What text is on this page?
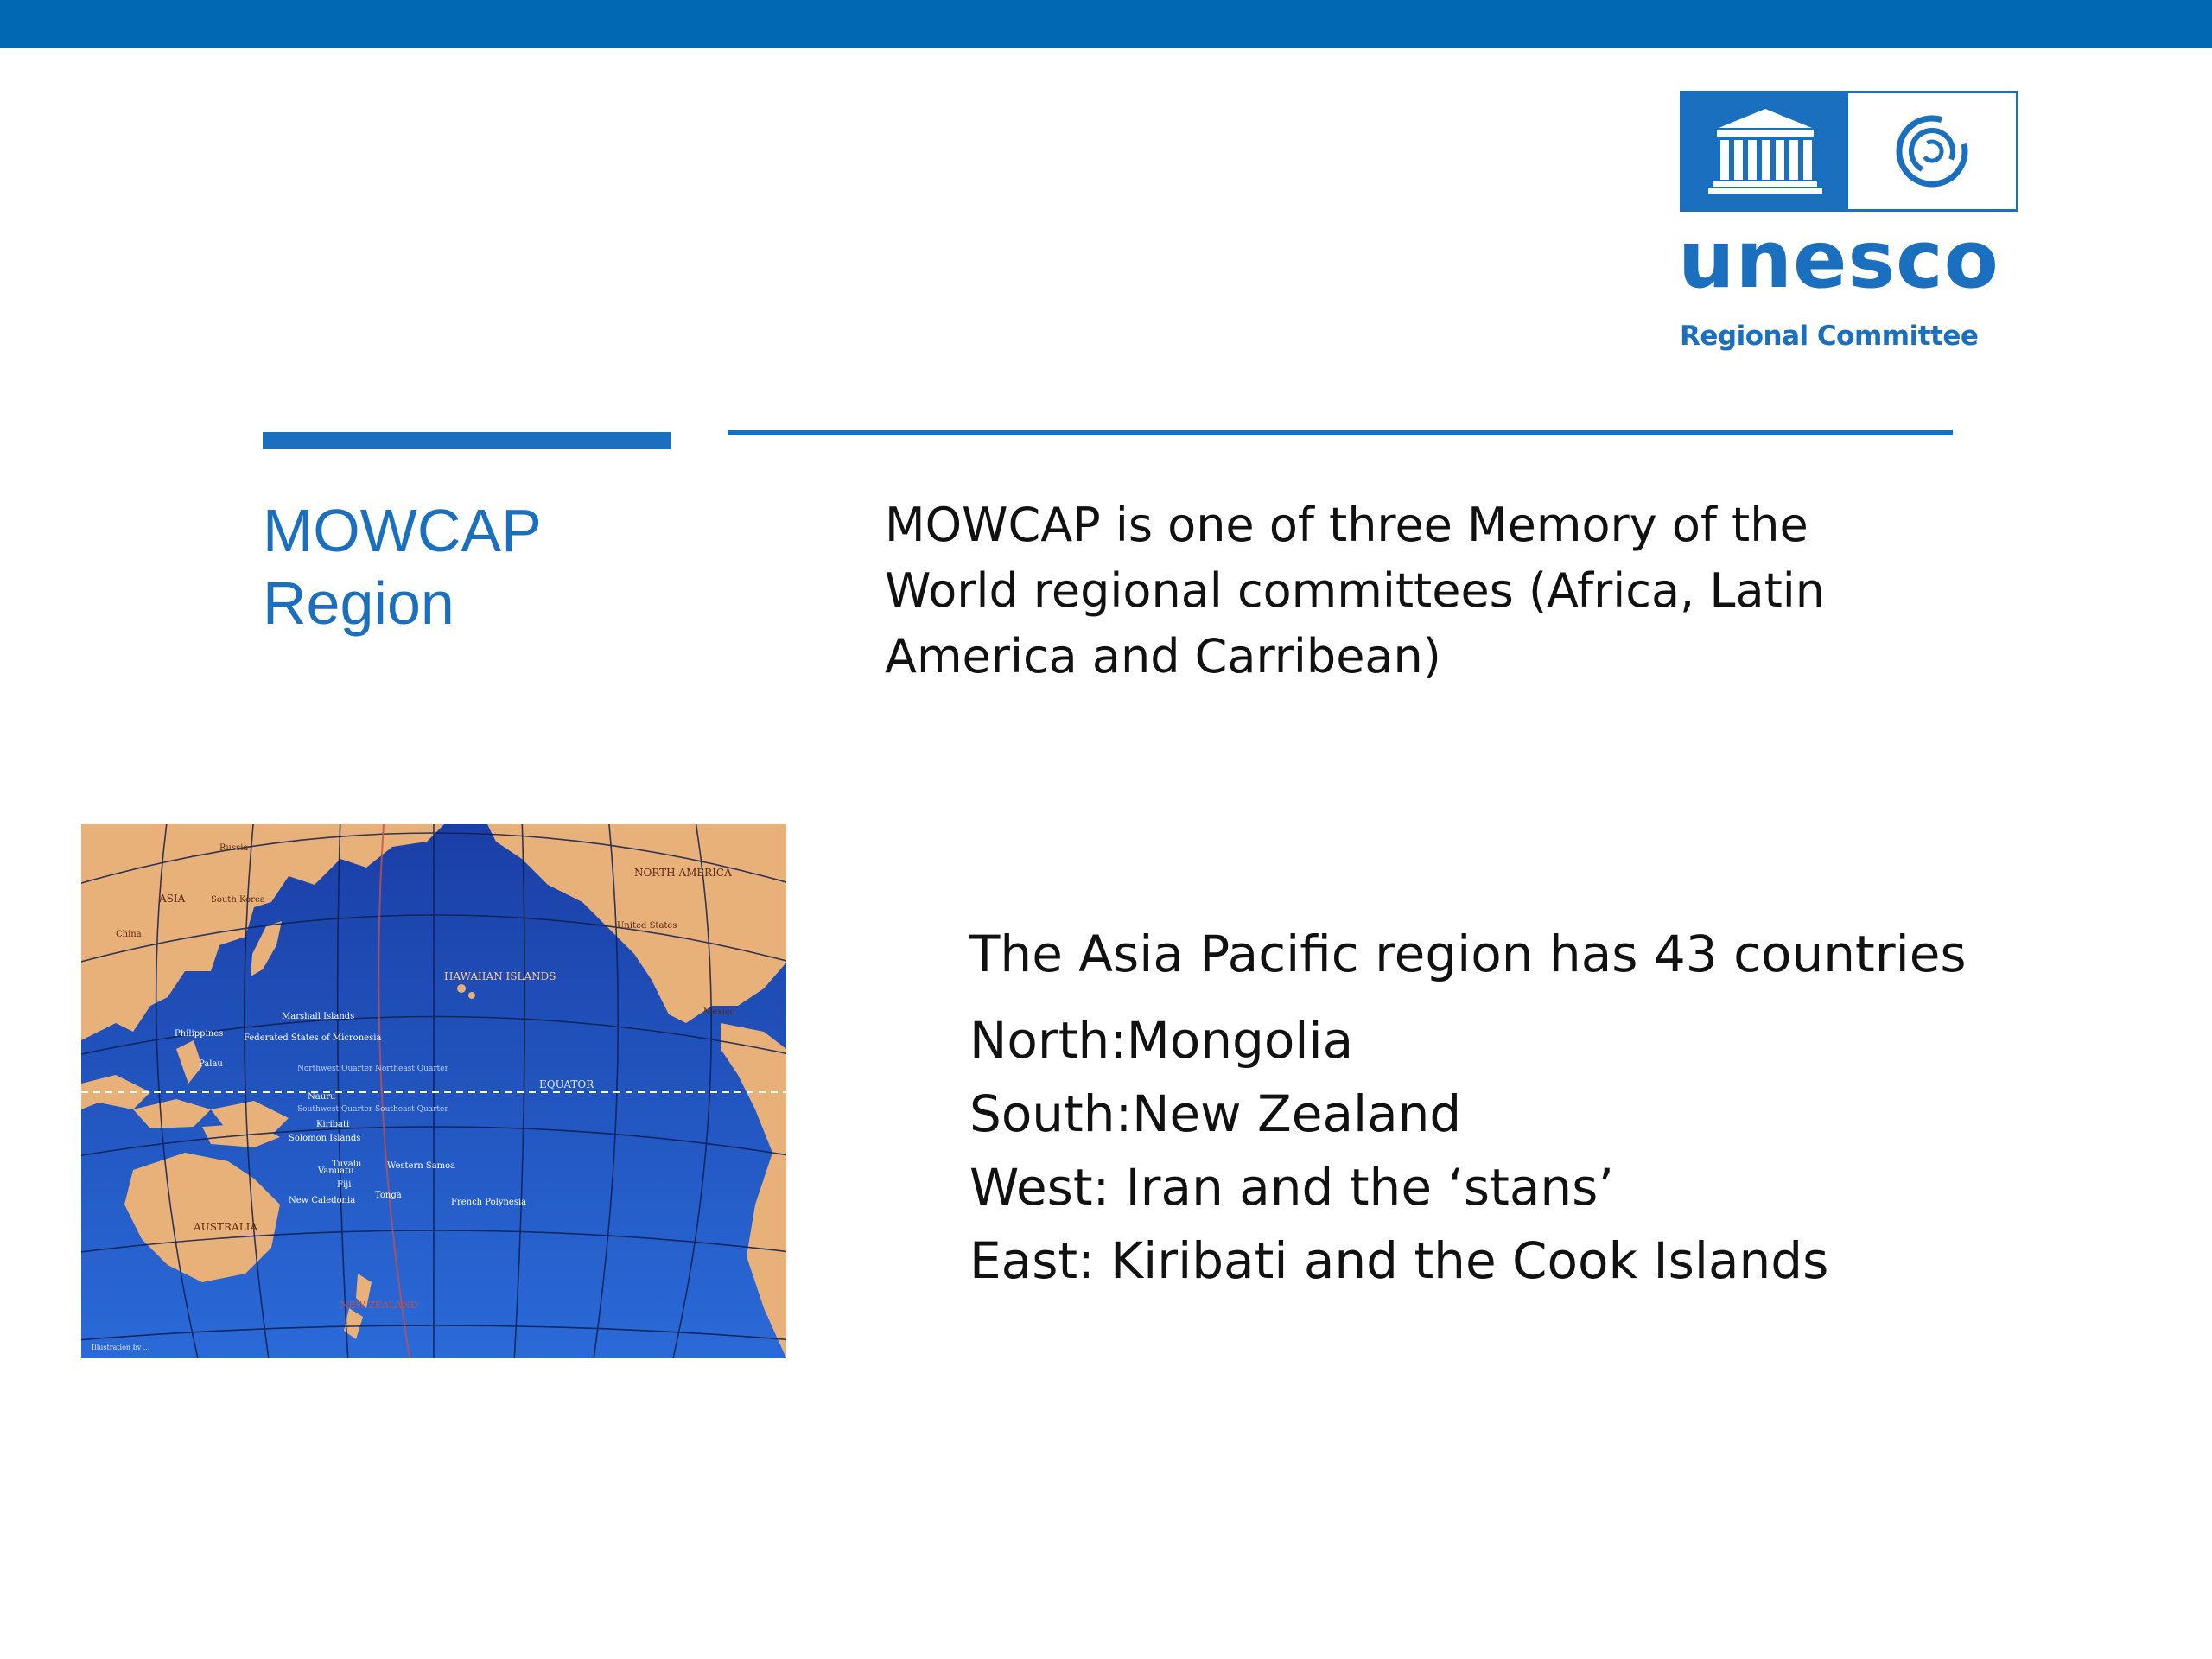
unesco
Regional Committee
MOWCAP
Region
MOWCAP is one of three Memory of the World regional committees (Africa, Latin America and Carribean)
ASIA
NORTH AMERICA
AUSTRALIA
HAWAIIAN ISLANDS
EQUATOR
Marshall Islands
Federated States of Micronesia
Kiribati
Western Samoa
French Polynesia
New Caledonia
Tonga
Fiji
Vanuatu
Solomon Islands
Nauru
Tuvalu
Palau
Philippines
China
South Korea
Russia
United States
Mexico
NEW ZEALAND
Northwest Quarter Northeast Quarter
Southwest Quarter Southeast Quarter
Illustration by ...
The Asia Pacific region has 43 countries
North:Mongolia
South:New Zealand
West: Iran and the ‘stans’
East: Kiribati and the Cook Islands
